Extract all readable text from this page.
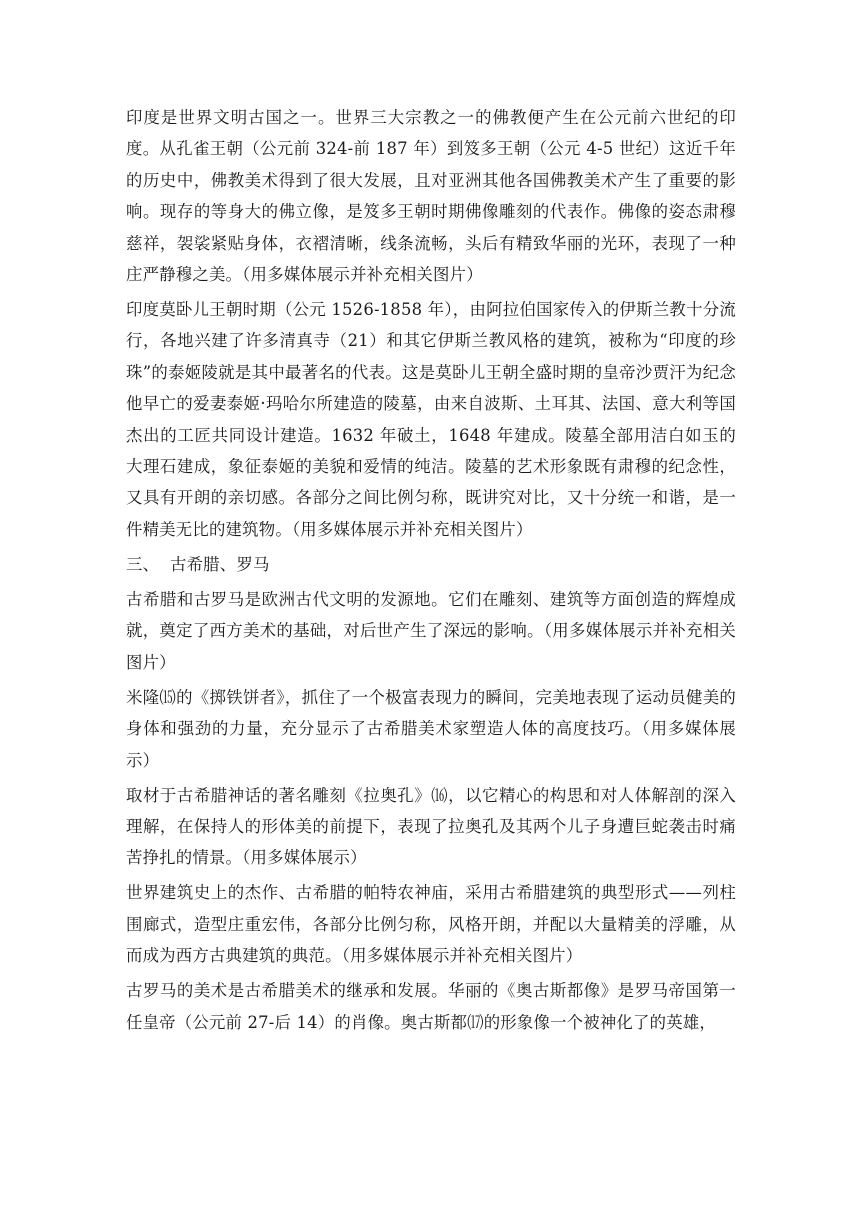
印度是世界文明古国之一。世界三大宗教之一的佛教便产生在公元前六世纪的印度。从孔雀王朝（公元前 324-前 187 年）到笈多王朝（公元 4-5 世纪）这近千年的历史中，佛教美术得到了很大发展，且对亚洲其他各国佛教美术产生了重要的影响。现存的等身大的佛立像，是笈多王朝时期佛像雕刻的代表作。佛像的姿态肃穆慈祥，袈裟紧贴身体，衣褶清晰，线条流畅，头后有精致华丽的光环，表现了一种庄严静穆之美。（用多媒体展示并补充相关图片）

印度莫卧儿王朝时期（公元 1526-1858 年），由阿拉伯国家传入的伊斯兰教十分流行，各地兴建了许多清真寺（21）和其它伊斯兰教风格的建筑，被称为“印度的珍珠”的泰姬陵就是其中最著名的代表。这是莫卧儿王朝全盛时期的皇帝沙贾汗为纪念他早亡的爱妻泰姬·玛哈尔所建造的陵墓，由来自波斯、土耳其、法国、意大利等国杰出的工匠共同设计建造。1632 年破土，1648 年建成。陵墓全部用洁白如玉的大理石建成，象征泰姬的美貌和爱情的纯洁。陵墓的艺术形象既有肃穆的纪念性，又具有开朗的亲切感。各部分之间比例匀称，既讲究对比，又十分统一和谐，是一件精美无比的建筑物。（用多媒体展示并补充相关图片）

三、  古希腊、罗马

古希腊和古罗马是欧洲古代文明的发源地。它们在雕刻、建筑等方面创造的辉煌成就，奠定了西方美术的基础，对后世产生了深远的影响。（用多媒体展示并补充相关图片）

米隆⒂的《掷铁饼者》，抓住了一个极富表现力的瞬间，完美地表现了运动员健美的身体和强劲的力量，充分显示了古希腊美术家塑造人体的高度技巧。（用多媒体展示）

取材于古希腊神话的著名雕刻《拉奥孔》⒃，以它精心的构思和对人体解剖的深入理解，在保持人的形体美的前提下，表现了拉奥孔及其两个儿子身遭巨蛇袭击时痛苦挣扎的情景。（用多媒体展示）

世界建筑史上的杰作、古希腊的帕特农神庙，采用古希腊建筑的典型形式——列柱围廊式，造型庄重宏伟，各部分比例匀称，风格开朗，并配以大量精美的浮雕，从而成为西方古典建筑的典范。（用多媒体展示并补充相关图片）

古罗马的美术是古希腊美术的继承和发展。华丽的《奥古斯都像》是罗马帝国第一任皇帝（公元前 27-后 14）的肖像。奥古斯都⒄的形象像一个被神化了的英雄，
